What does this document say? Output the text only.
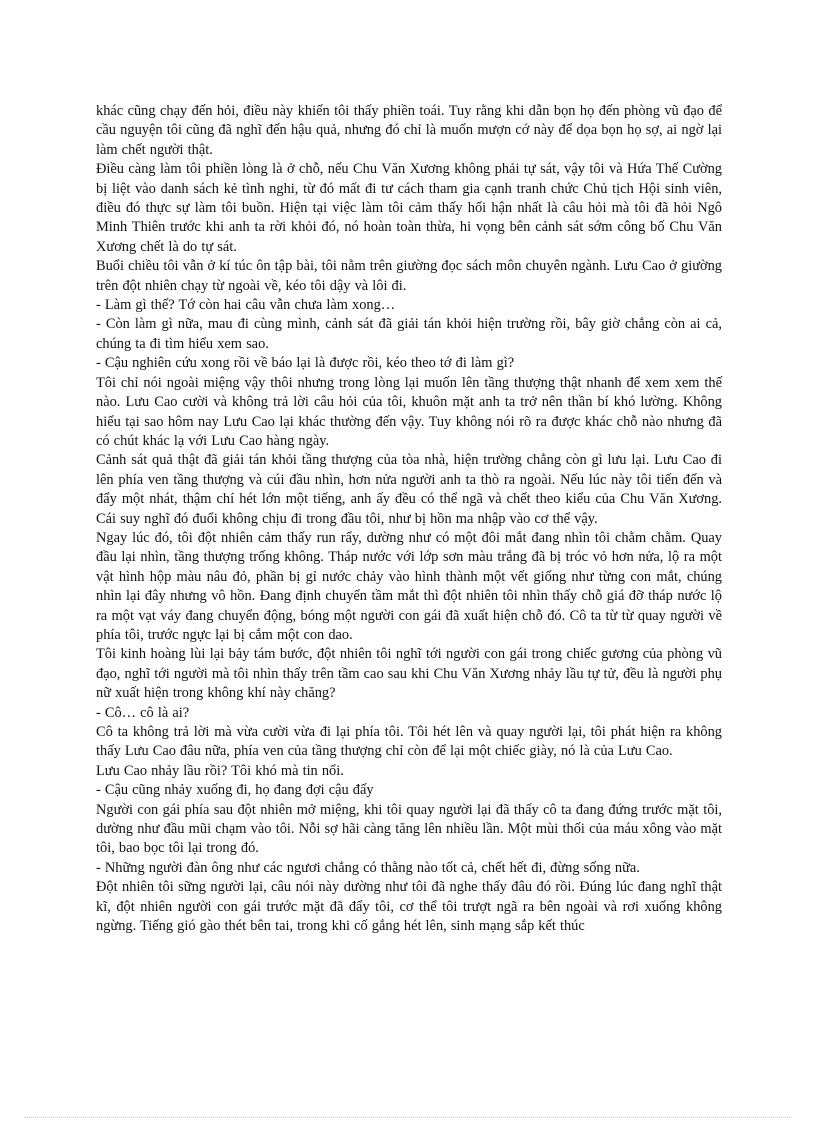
khác cũng chạy đến hỏi, điều này khiến tôi thấy phiền toái. Tuy rằng khi dẫn bọn họ đến phòng vũ đạo để cầu nguyện tôi cũng đã nghĩ đến hậu quả, nhưng đó chỉ là muốn mượn cớ này để dọa bọn họ sợ, ai ngờ lại làm chết người thật.

Điều càng làm tôi phiền lòng là ở chỗ, nếu Chu Văn Xương không phải tự sát, vậy tôi và Hứa Thế Cường bị liệt vào danh sách kẻ tình nghi, từ đó mất đi tư cách tham gia cạnh tranh chức Chủ tịch Hội sinh viên, điều đó thực sự làm tôi buồn. Hiện tại việc làm tôi cảm thấy hối hận nhất là câu hỏi mà tôi đã hỏi Ngô Minh Thiên trước khi anh ta rời khỏi đó, nó hoàn toàn thừa, hi vọng bên cảnh sát sớm công bố Chu Văn Xương chết là do tự sát.

Buổi chiều tôi vẫn ở kí túc ôn tập bài, tôi nằm trên giường đọc sách môn chuyên ngành. Lưu Cao ở giường trên đột nhiên chạy từ ngoài về, kéo tôi dậy và lôi đi.

- Làm gì thế? Tớ còn hai câu vẫn chưa làm xong…

- Còn làm gì nữa, mau đi cùng mình, cảnh sát đã giải tán khỏi hiện trường rồi, bây giờ chẳng còn ai cả, chúng ta đi tìm hiểu xem sao.

- Cậu nghiên cứu xong rồi về báo lại là được rồi, kéo theo tớ đi làm gì?

Tôi chỉ nói ngoài miệng vậy thôi nhưng trong lòng lại muốn lên tầng thượng thật nhanh để xem xem thế nào. Lưu Cao cười và không trả lời câu hỏi của tôi, khuôn mặt anh ta trở nên thần bí khó lường. Không hiểu tại sao hôm nay Lưu Cao lại khác thường đến vậy. Tuy không nói rõ ra được khác chỗ nào nhưng đã có chút khác lạ với Lưu Cao hàng ngày.

Cảnh sát quả thật đã giải tán khỏi tầng thượng của tòa nhà, hiện trường chẳng còn gì lưu lại. Lưu Cao đi lên phía ven tầng thượng và cúi đầu nhìn, hơn nửa người anh ta thò ra ngoài. Nếu lúc này tôi tiến đến và đẩy một nhát, thậm chí hét lớn một tiếng, anh ấy đều có thể ngã và chết theo kiểu của Chu Văn Xương. Cái suy nghĩ đó đuổi không chịu đi trong đầu tôi, như bị hồn ma nhập vào cơ thể vậy.

Ngay lúc đó, tôi đột nhiên cảm thấy run rẩy, dường như có một đôi mắt đang nhìn tôi chằm chằm. Quay đầu lại nhìn, tầng thượng trống không. Tháp nước với lớp sơn màu trắng đã bị tróc vỏ hơn nửa, lộ ra một vật hình hộp màu nâu đỏ, phần bị gỉ nước chảy vào hình thành một vết giống như từng con mắt, chúng nhìn lại đây nhưng vô hồn. Đang định chuyển tầm mắt thì đột nhiên tôi nhìn thấy chỗ giá đỡ tháp nước lộ ra một vạt váy đang chuyển động, bóng một người con gái đã xuất hiện chỗ đó. Cô ta từ từ quay người về phía tôi, trước ngực lại bị cắm một con dao.

Tôi kinh hoàng lùi lại bảy tám bước, đột nhiên tôi nghĩ tới người con gái trong chiếc gương của phòng vũ đạo, nghĩ tới người mà tôi nhìn thấy trên tầm cao sau khi Chu Văn Xương nhảy lầu tự tử, đều là người phụ nữ xuất hiện trong không khí này chăng?

- Cô… cô là ai?

Cô ta không trả lời mà vừa cười vừa đi lại phía tôi. Tôi hét lên và quay người lại, tôi phát hiện ra không thấy Lưu Cao đâu nữa, phía ven của tầng thượng chỉ còn để lại một chiếc giày, nó là của Lưu Cao.

Lưu Cao nhảy lầu rồi? Tôi khó mà tin nổi.

- Cậu cũng nhảy xuống đi, họ đang đợi cậu đấy

Người con gái phía sau đột nhiên mở miệng, khi tôi quay người lại đã thấy cô ta đang đứng trước mặt tôi, dường như đầu mũi chạm vào tôi. Nỗi sợ hãi càng tăng lên nhiều lần. Một mùi thối của máu xông vào mặt tôi, bao bọc tôi lại trong đó.

- Những người đàn ông như các ngươi chẳng có thằng nào tốt cả, chết hết đi, đừng sống nữa.

Đột nhiên tôi sững người lại, câu nói này dường như tôi đã nghe thấy đâu đó rồi. Đúng lúc đang nghĩ thật kĩ, đột nhiên người con gái trước mặt đã đẩy tôi, cơ thể tôi trượt ngã ra bên ngoài và rơi xuống không ngừng. Tiếng gió gào thét bên tai, trong khi cố gắng hét lên, sinh mạng sắp kết thúc
